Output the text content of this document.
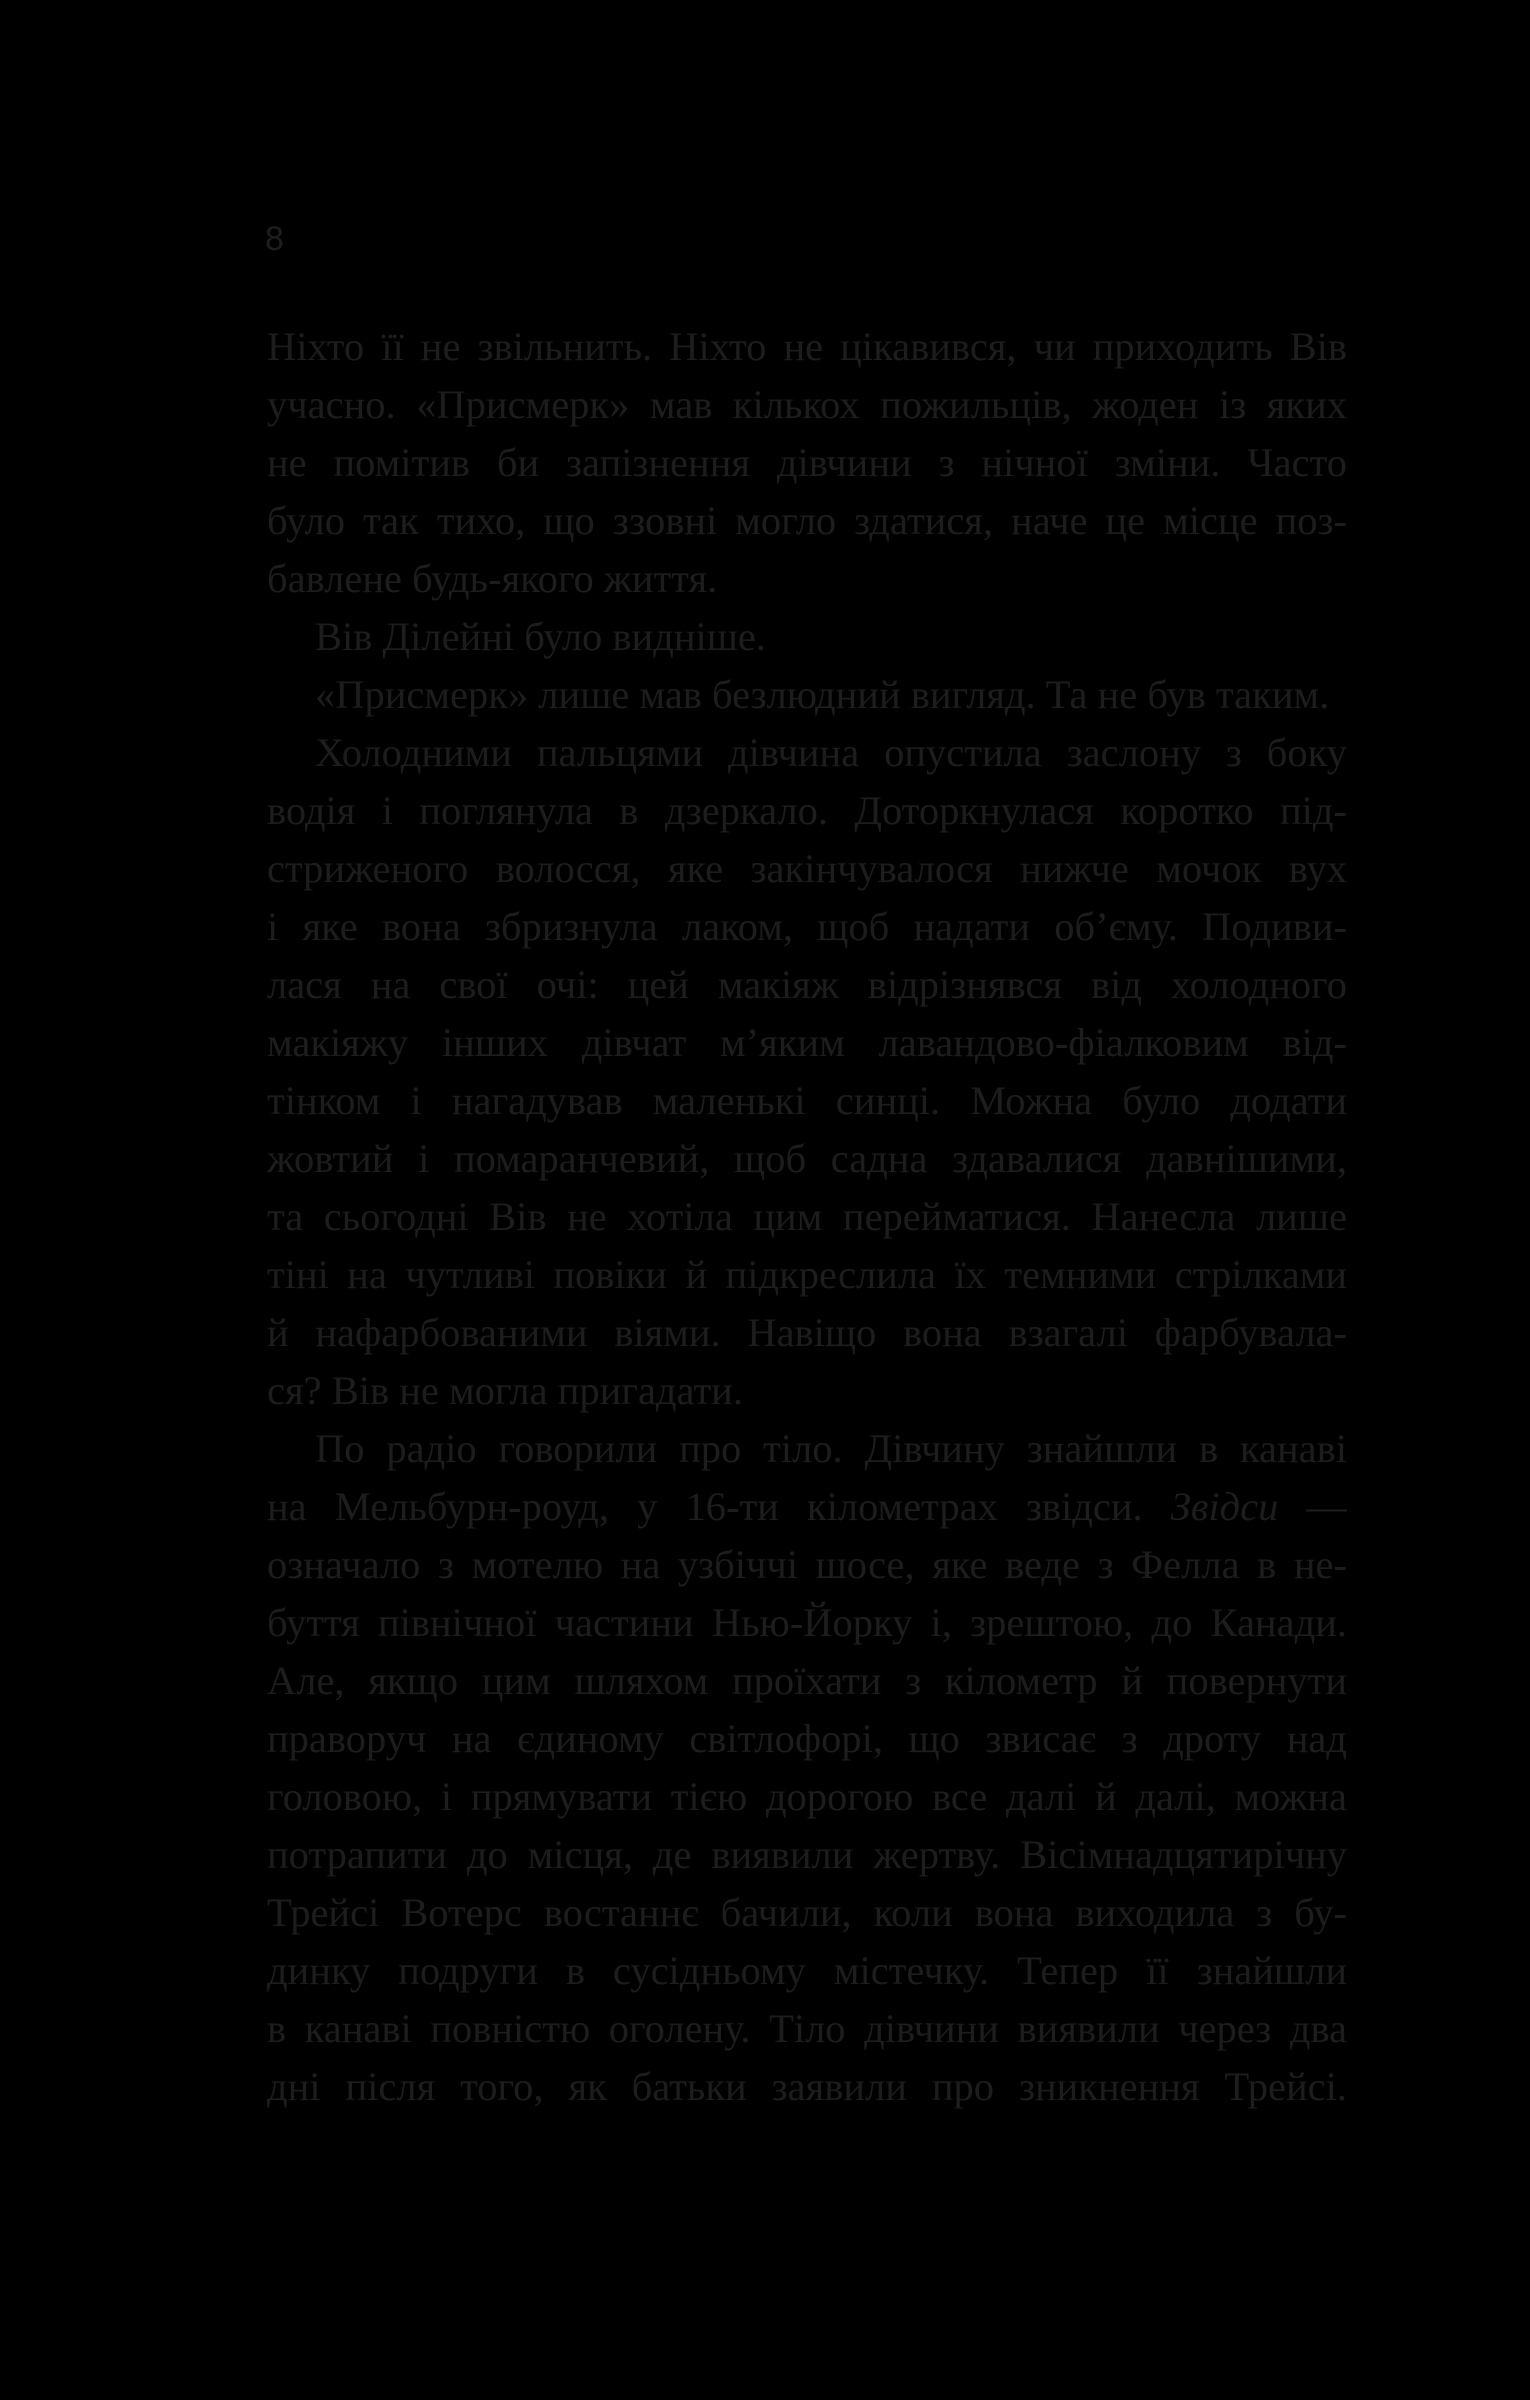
8
Ніхто її не звільнить. Ніхто не цікавився, чи приходить Вів
учасно. «Присмерк» мав кількох пожильців, жоден із яких
не помітив би запізнення дівчини з нічної зміни. Часто
було так тихо, що ззовні могло здатися, наче це місце поз-
бавлене будь-якого життя.
Вів Ділейні було видніше.
«Присмерк» лише мав безлюдний вигляд. Та не був таким.
Холодними пальцями дівчина опустила заслону з боку
водія і поглянула в дзеркало. Доторкнулася коротко під-
стриженого волосся, яке закінчувалося нижче мочок вух
і яке вона збризнула лаком, щоб надати об’єму. Подиви-
лася на свої очі: цей макіяж відрізнявся від холодного
макіяжу інших дівчат м’яким лавандово-фіалковим від-
тінком і нагадував маленькі синці. Можна було додати
жовтий і помаранчевий, щоб садна здавалися давнішими,
та сьогодні Вів не хотіла цим перейматися. Нанесла лише
тіні на чутливі повіки й підкреслила їх темними стрілками
й нафарбованими віями. Навіщо вона взагалі фарбувала-
ся? Вів не могла пригадати.
По радіо говорили про тіло. Дівчину знайшли в канаві
на Мельбурн-роуд, у 16-ти кілометрах звідси. Звідси —
означало з мотелю на узбіччі шосе, яке веде з Фелла в не-
буття північної частини Нью-Йорку і, зрештою, до Канади.
Але, якщо цим шляхом проїхати з кілометр й повернути
праворуч на єдиному світлофорі, що звисає з дроту над
головою, і прямувати тією дорогою все далі й далі, можна
потрапити до місця, де виявили жертву. Вісімнадцятирічну
Трейсі Вотерс востаннє бачили, коли вона виходила з бу-
динку подруги в сусідньому містечку. Тепер її знайшли
в канаві повністю оголену. Тіло дівчини виявили через два
дні після того, як батьки заявили про зникнення Трейсі.
